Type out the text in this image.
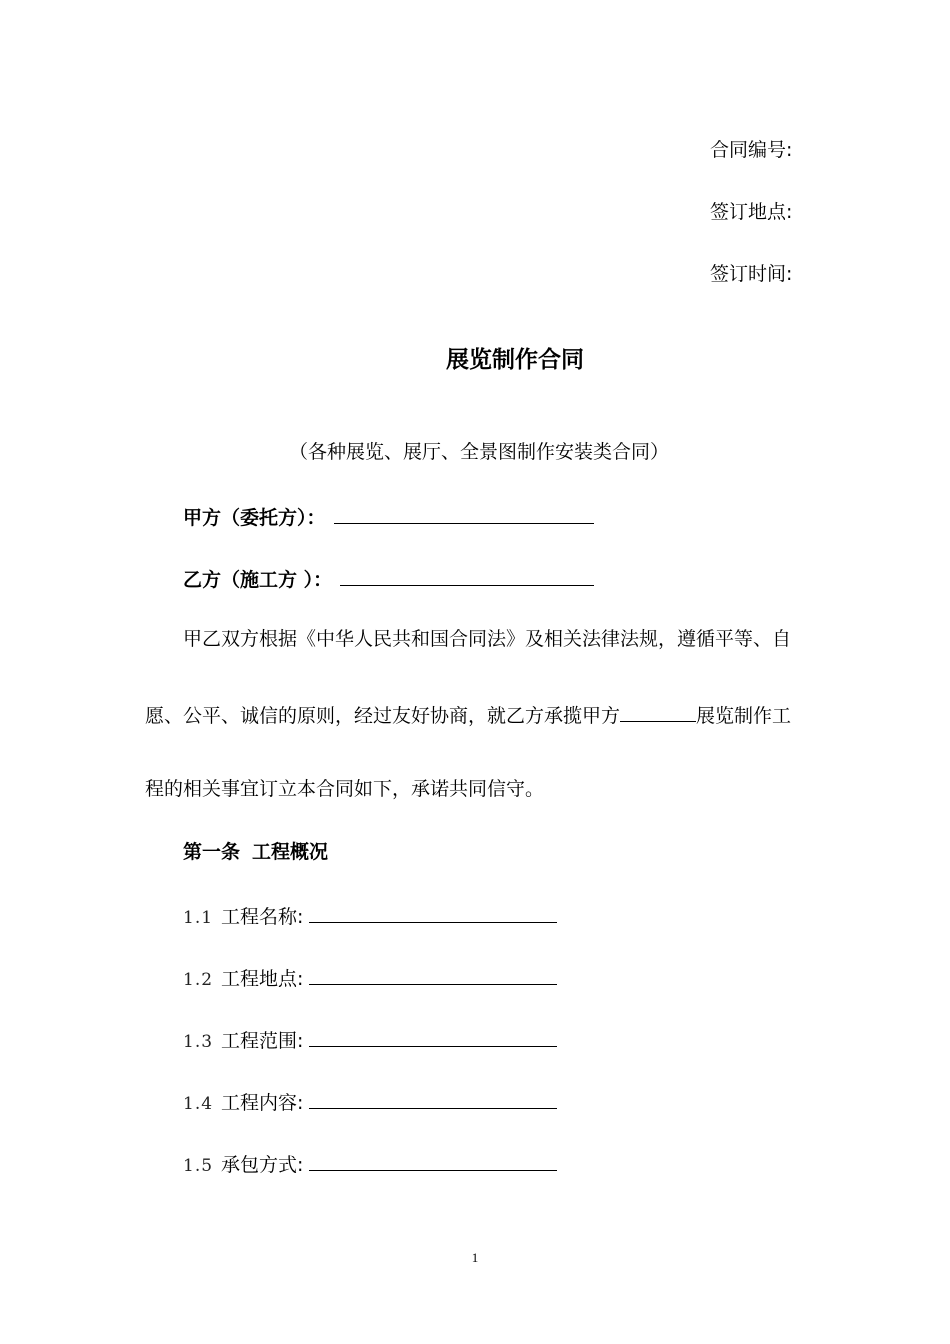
合同编号:
签订地点:
签订时间:
展览制作合同
（各种展览、展厅、全景图制作安装类合同）
甲方（委托方）：
乙方（施工方 ）：
甲乙双方根据《中华人民共和国合同法》及相关法律法规，遵循平等、自
愿、公平、诚信的原则，经过友好协商，就乙方承揽甲方	展览制作工
程的相关事宜订立本合同如下，承诺共同信守。
第一条 工程概况
1.1 工程名称:
1.2 工程地点:
1.3 工程范围:
1.4 工程内容:
1.5 承包方式:
1
